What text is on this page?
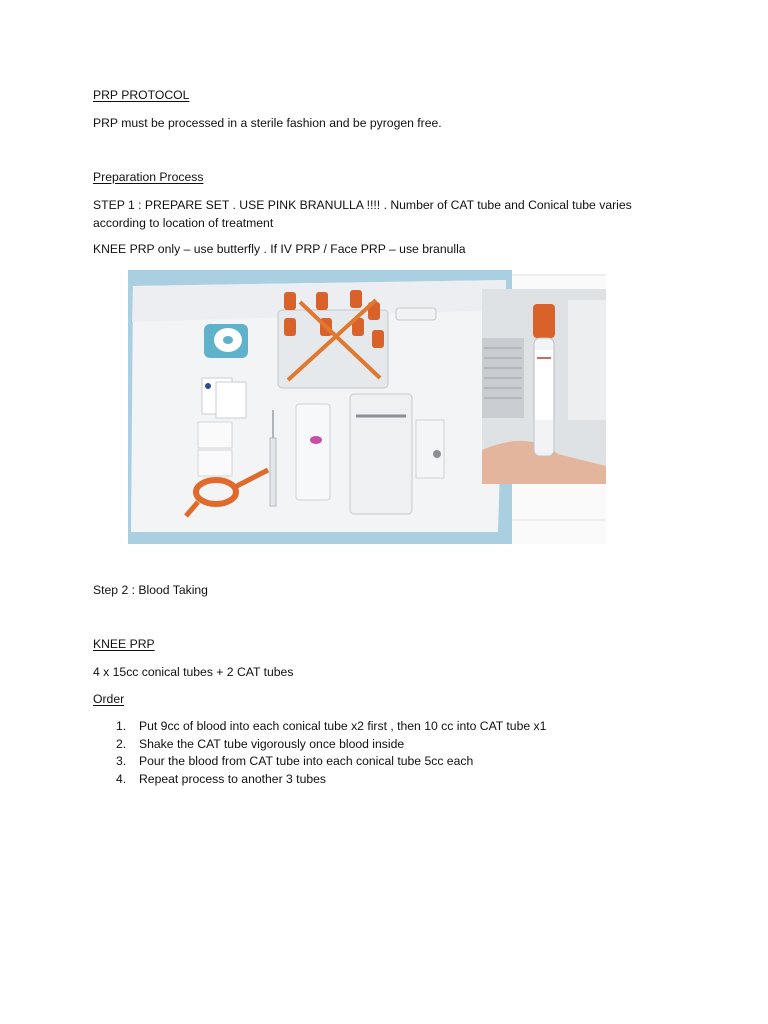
PRP PROTOCOL

PRP must be processed in a sterile fashion and be pyrogen free.

Preparation Process

STEP 1 : PREPARE SET . USE PINK BRANULLA !!!! . Number of CAT tube and Conical tube varies according to location of treatment

KNEE PRP only – use butterfly . If IV PRP / Face PRP – use branulla

Step 2 : Blood Taking

KNEE PRP

4 x 15cc conical tubes + 2 CAT tubes

Order

1. Put 9cc of blood into each conical tube x2 first , then 10 cc into CAT tube x1
2. Shake the CAT tube vigorously once blood inside
3. Pour the blood from CAT tube into each conical tube 5cc each
4. Repeat process to another 3 tubes
